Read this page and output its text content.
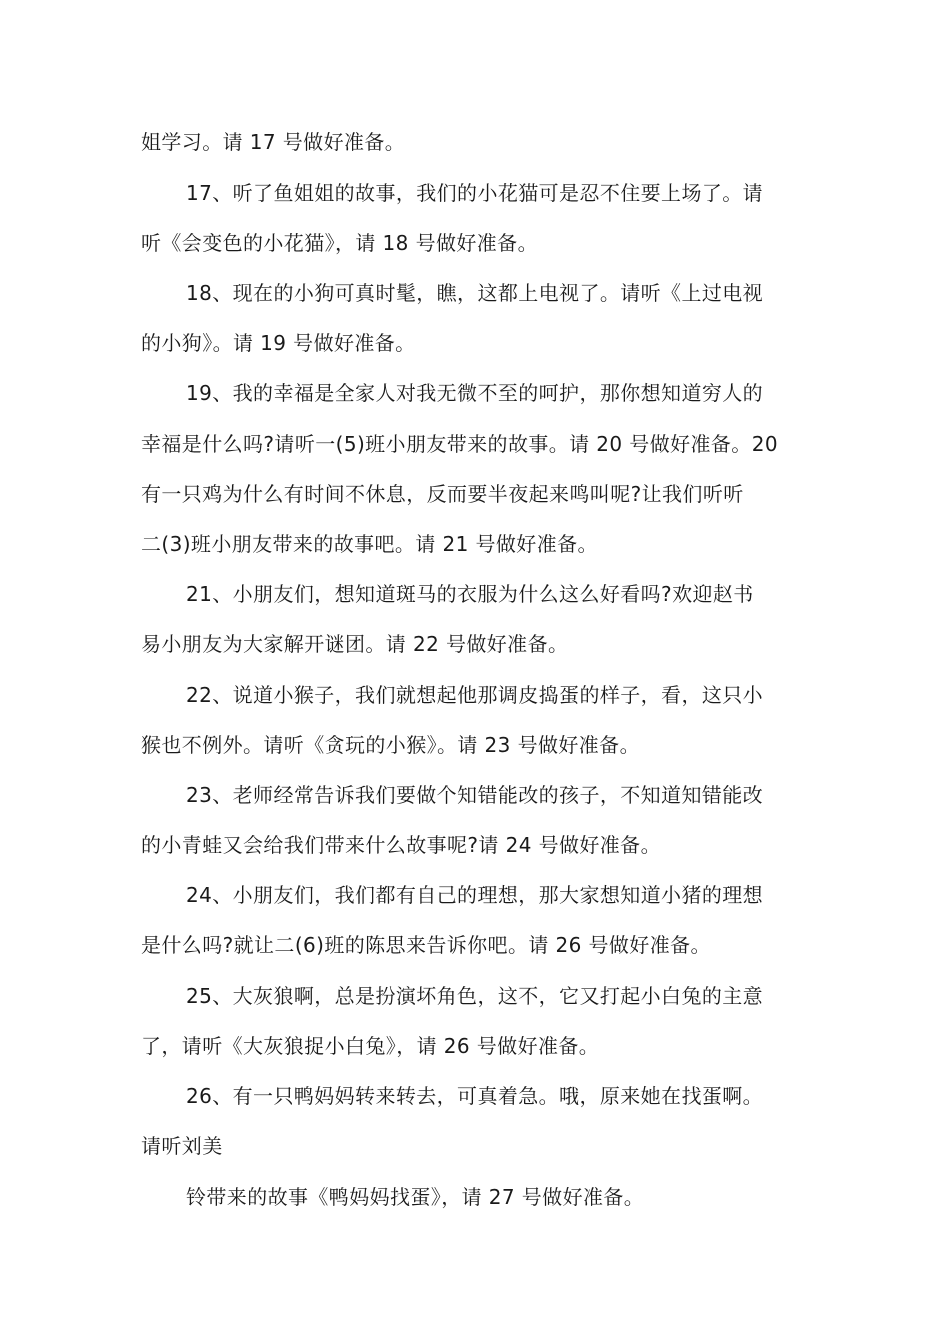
姐学习。请 17 号做好准备。
17、听了鱼姐姐的故事，我们的小花猫可是忍不住要上场了。请
听《会变色的小花猫》，请 18 号做好准备。
18、现在的小狗可真时髦，瞧，这都上电视了。请听《上过电视
的小狗》。请 19 号做好准备。
19、我的幸福是全家人对我无微不至的呵护，那你想知道穷人的
幸福是什么吗?请听一(5)班小朋友带来的故事。请 20 号做好准备。20
有一只鸡为什么有时间不休息，反而要半夜起来鸣叫呢?让我们听听
二(3)班小朋友带来的故事吧。请 21 号做好准备。
21、小朋友们，想知道斑马的衣服为什么这么好看吗?欢迎赵书
易小朋友为大家解开谜团。请 22 号做好准备。
22、说道小猴子，我们就想起他那调皮捣蛋的样子，看，这只小
猴也不例外。请听《贪玩的小猴》。请 23 号做好准备。
23、老师经常告诉我们要做个知错能改的孩子，不知道知错能改
的小青蛙又会给我们带来什么故事呢?请 24 号做好准备。
24、小朋友们，我们都有自己的理想，那大家想知道小猪的理想
是什么吗?就让二(6)班的陈思来告诉你吧。请 26 号做好准备。
25、大灰狼啊，总是扮演坏角色，这不，它又打起小白兔的主意
了，请听《大灰狼捉小白兔》，请 26 号做好准备。
26、有一只鸭妈妈转来转去，可真着急。哦，原来她在找蛋啊。
请听刘美
铃带来的故事《鸭妈妈找蛋》，请 27 号做好准备。
